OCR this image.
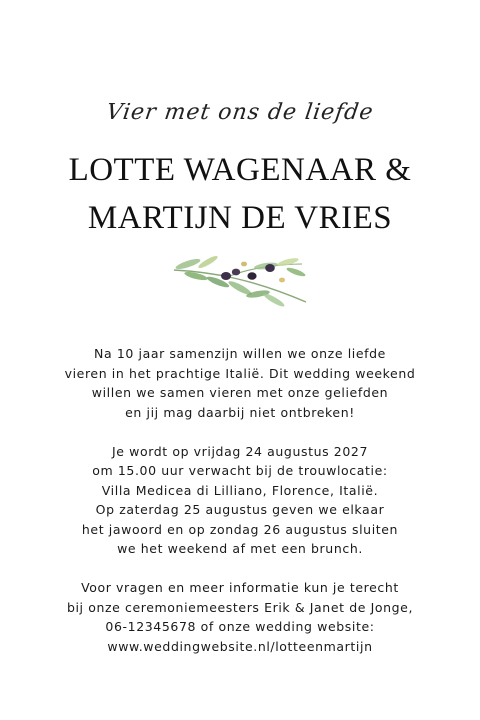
Vier met ons de liefde
LOTTE WAGENAAR &
MARTIJN DE VRIES
Na 10 jaar samenzijn willen we onze liefde
vieren in het prachtige Italië. Dit wedding weekend
willen we samen vieren met onze geliefden
en jij mag daarbij niet ontbreken!
Je wordt op vrijdag 24 augustus 2027
om 15.00 uur verwacht bij de trouwlocatie:
Villa Medicea di Lilliano, Florence, Italië.
Op zaterdag 25 augustus geven we elkaar
het jawoord en op zondag 26 augustus sluiten
we het weekend af met een brunch.
Voor vragen en meer informatie kun je terecht
bij onze ceremoniemeesters Erik & Janet de Jonge,
06-12345678 of onze wedding website:
www.weddingwebsite.nl/lotteenmartijn
